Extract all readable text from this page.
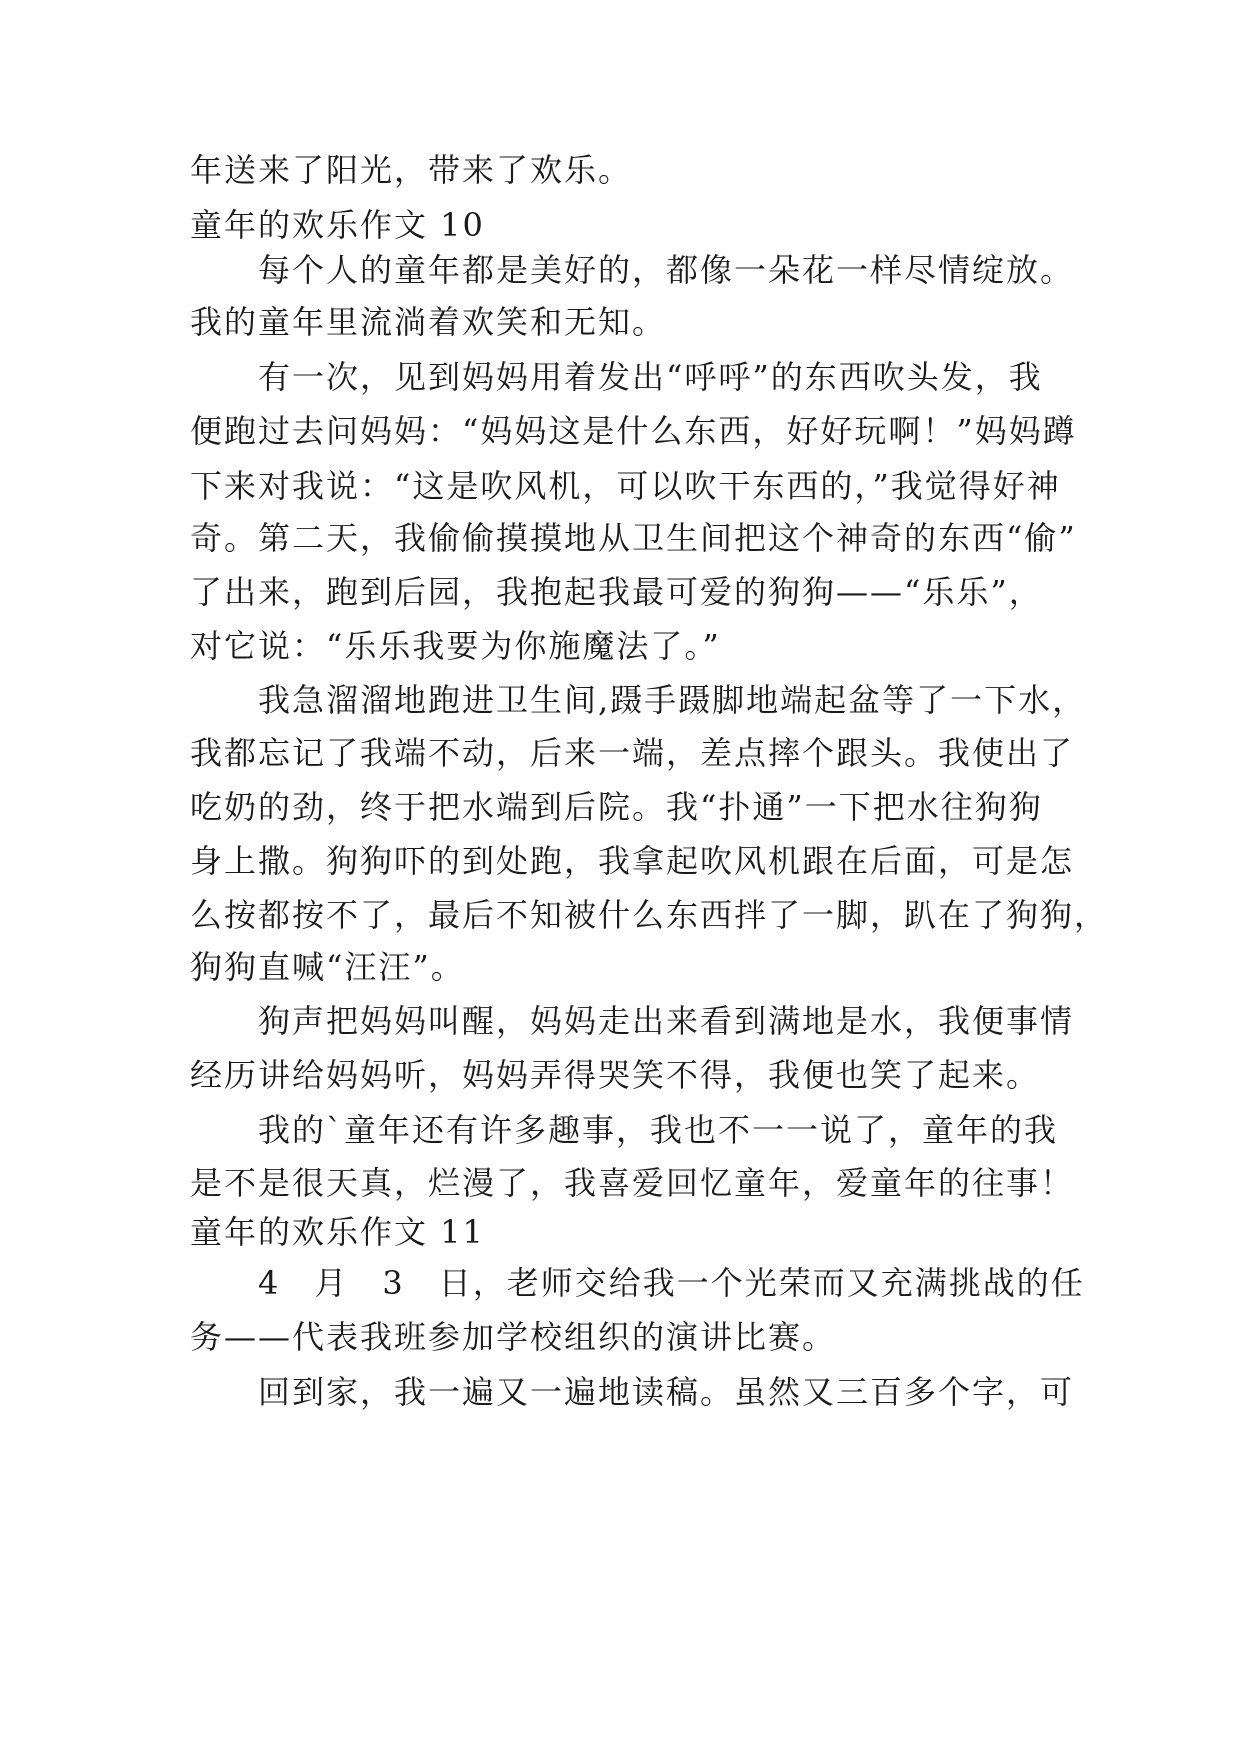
年送来了阳光，带来了欢乐。
童年的欢乐作文 10
每个人的童年都是美好的，都像一朵花一样尽情绽放。
我的童年里流淌着欢笑和无知。
有一次，见到妈妈用着发出“呼呼”的东西吹头发，我
便跑过去问妈妈：“妈妈这是什么东西，好好玩啊！”妈妈蹲
下来对我说：“这是吹风机，可以吹干东西的，”我觉得好神
奇。第二天，我偷偷摸摸地从卫生间把这个神奇的东西“偷”
了出来，跑到后园，我抱起我最可爱的狗狗——“乐乐”，
对它说：“乐乐我要为你施魔法了。”
我急溜溜地跑进卫生间,蹑手蹑脚地端起盆等了一下水，
我都忘记了我端不动，后来一端，差点摔个跟头。我使出了
吃奶的劲，终于把水端到后院。我“扑通”一下把水往狗狗
身上撒。狗狗吓的到处跑，我拿起吹风机跟在后面，可是怎
么按都按不了，最后不知被什么东西拌了一脚，趴在了狗狗，
狗狗直喊“汪汪”。
狗声把妈妈叫醒，妈妈走出来看到满地是水，我便事情
经历讲给妈妈听，妈妈弄得哭笑不得，我便也笑了起来。
我的`童年还有许多趣事，我也不一一说了，童年的我
是不是很天真，烂漫了，我喜爱回忆童年，爱童年的往事！
童年的欢乐作文 11
4　月　3　日，老师交给我一个光荣而又充满挑战的任
务——代表我班参加学校组织的演讲比赛。
回到家，我一遍又一遍地读稿。虽然又三百多个字，可
